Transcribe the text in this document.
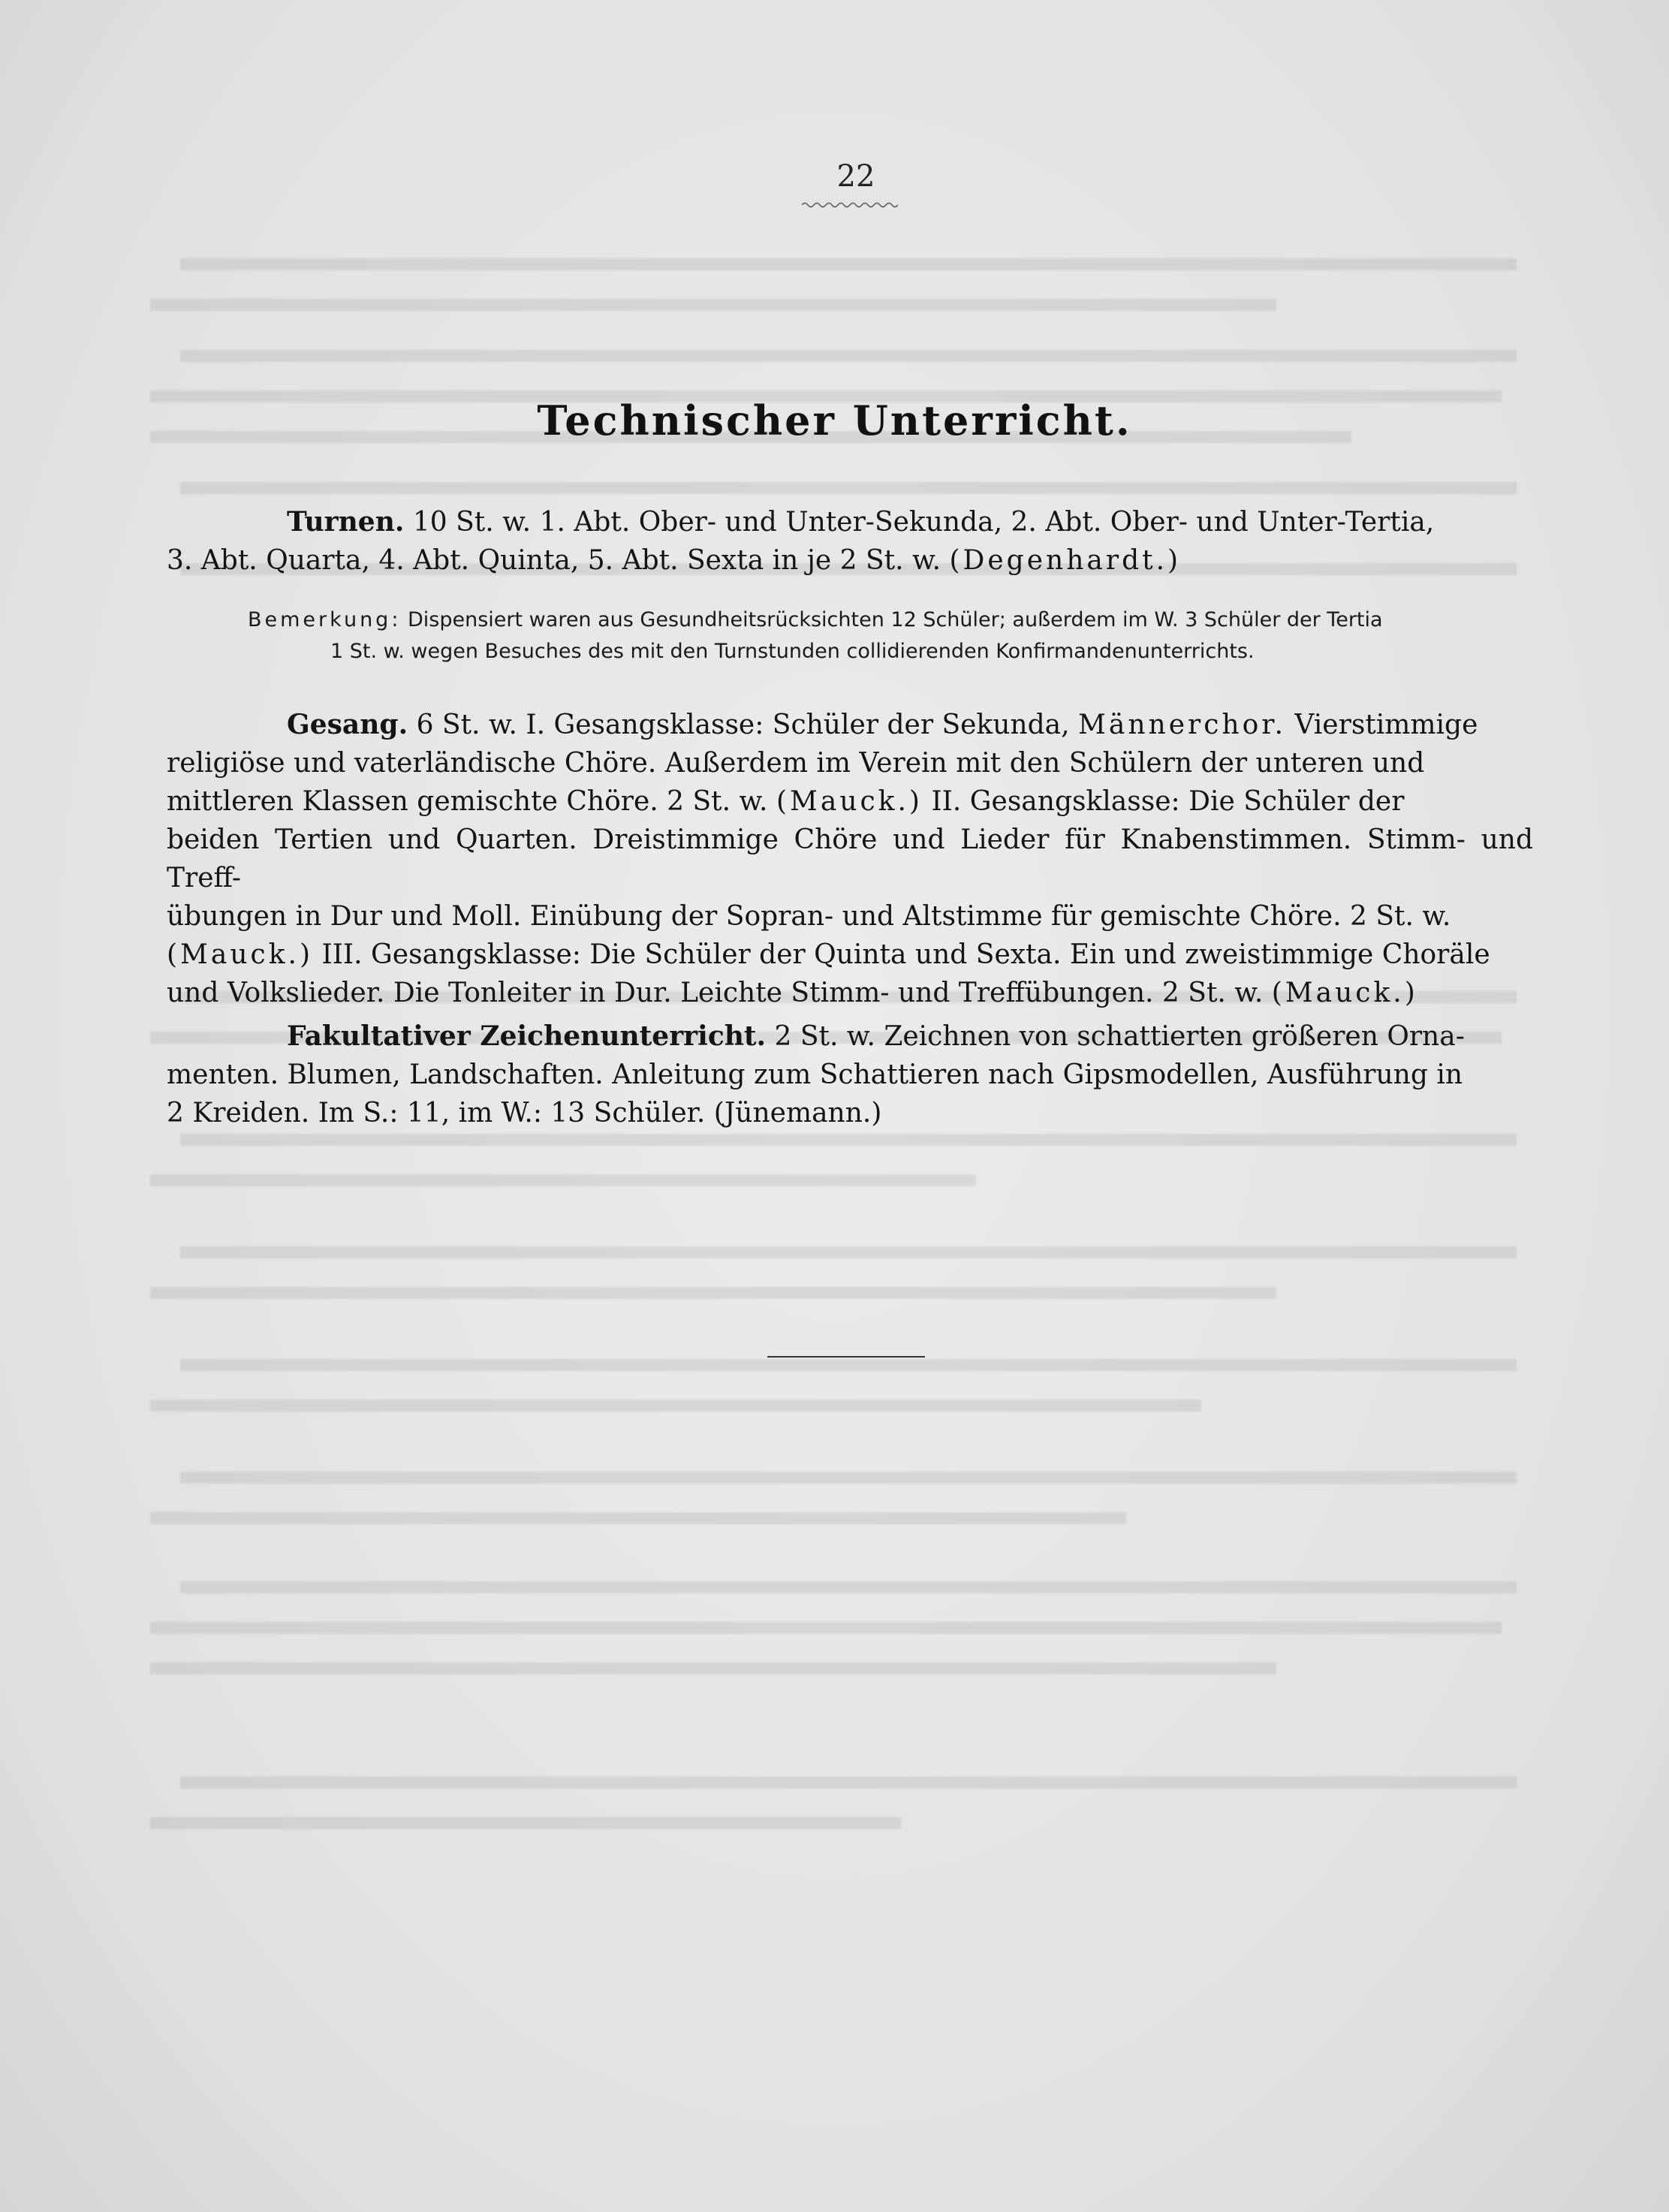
22
Technischer Unterricht.
Turnen. 10 St. w. 1. Abt. Ober- und Unter-Sekunda, 2. Abt. Ober- und Unter-Tertia,
3. Abt. Quarta, 4. Abt. Quinta, 5. Abt. Sexta in je 2 St. w. (Degenhardt.)
Bemerkung: Dispensiert waren aus Gesundheitsrücksichten 12 Schüler; außerdem im W. 3 Schüler der Tertia
1 St. w. wegen Besuches des mit den Turnstunden collidierenden Konfirmandenunterrichts.
Gesang. 6 St. w. I. Gesangsklasse: Schüler der Sekunda, Männerchor. Vierstimmige
religiöse und vaterländische Chöre. Außerdem im Verein mit den Schülern der unteren und
mittleren Klassen gemischte Chöre. 2 St. w. (Mauck.) II. Gesangsklasse: Die Schüler der
beiden Tertien und Quarten. Dreistimmige Chöre und Lieder für Knabenstimmen. Stimm- und Treff-
übungen in Dur und Moll. Einübung der Sopran- und Altstimme für gemischte Chöre. 2 St. w.
(Mauck.) III. Gesangsklasse: Die Schüler der Quinta und Sexta. Ein und zweistimmige Choräle
und Volkslieder. Die Tonleiter in Dur. Leichte Stimm- und Treffübungen. 2 St. w. (Mauck.)
Fakultativer Zeichenunterricht. 2 St. w. Zeichnen von schattierten größeren Orna-
menten. Blumen, Landschaften. Anleitung zum Schattieren nach Gipsmodellen, Ausführung in
2 Kreiden. Im S.: 11, im W.: 13 Schüler. (Jünemann.)
